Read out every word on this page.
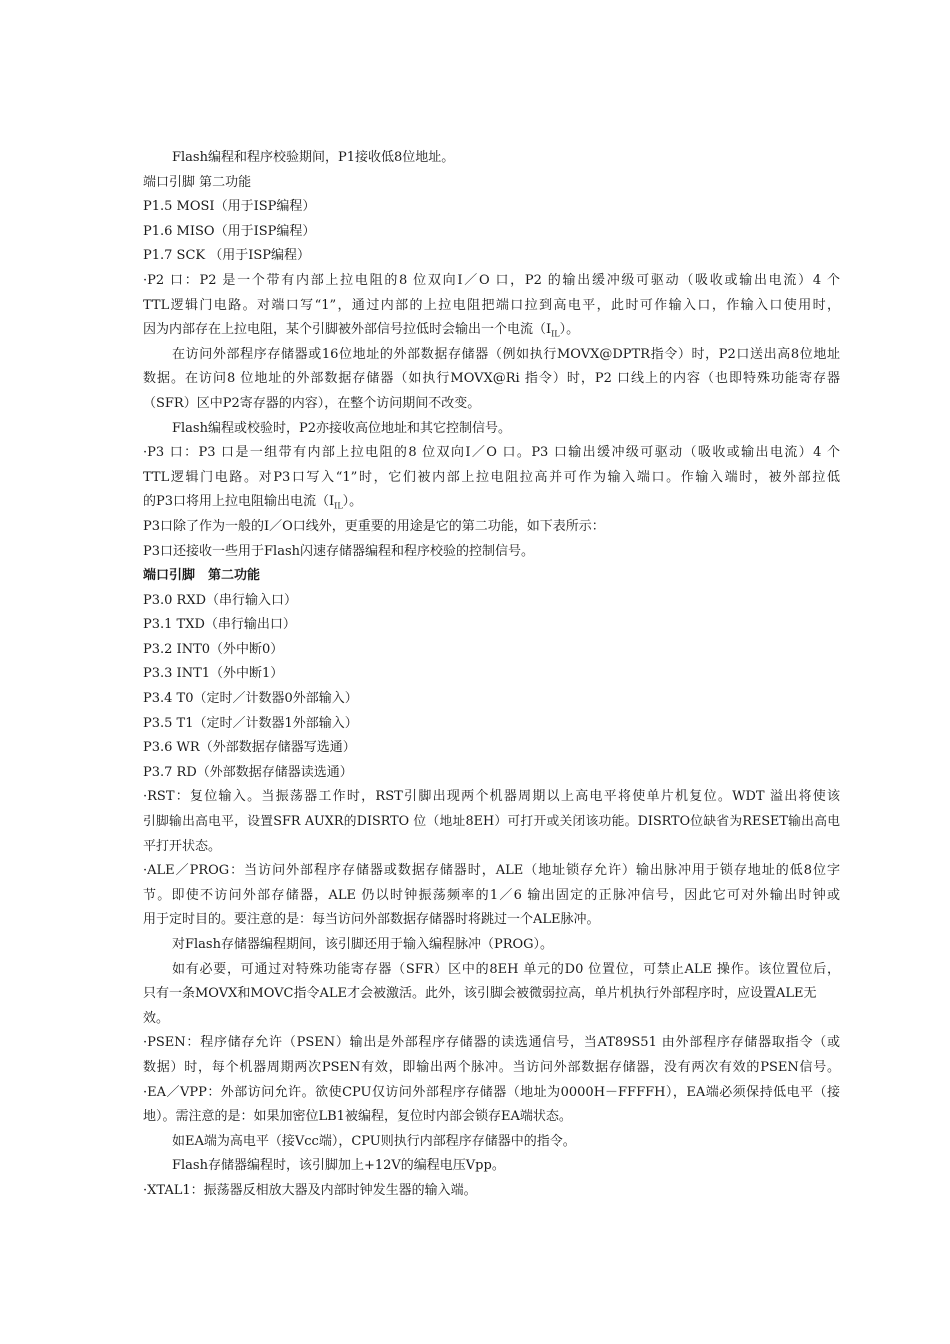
Flash编程和程序校验期间，P1接收低8位地址。
端口引脚 第二功能
P1.5 MOSI（用于ISP编程）
P1.6 MISO（用于ISP编程）
P1.7 SCK （用于ISP编程）
·P2 口：P2 是一个带有内部上拉电阻的8 位双向I／O 口，P2 的输出缓冲级可驱动（吸收或输出电流）4 个
TTL逻辑门电路。对端口写“1”，通过内部的上拉电阻把端口拉到高电平，此时可作输入口，作输入口使用时，
因为内部存在上拉电阻，某个引脚被外部信号拉低时会输出一个电流$(I_{IL})$。
在访问外部程序存储器或16位地址的外部数据存储器（例如执行MOVX@DPTR指令）时，P2口送出高8位地址
数据。在访问8 位地址的外部数据存储器（如执行MOVX@Ri 指令）时，P2 口线上的内容（也即特殊功能寄存器
（SFR）区中P2寄存器的内容），在整个访问期间不改变。
Flash编程或校验时，P2亦接收高位地址和其它控制信号。
·P3 口：P3 口是一组带有内部上拉电阻的8 位双向I／O 口。P3 口输出缓冲级可驱动（吸收或输出电流）4 个
TTL逻辑门电路。对P3口写入“1”时，它们被内部上拉电阻拉高并可作为输入端口。作输入端时，被外部拉低
的P3口将用上拉电阻输出电流$(I_{IL})$。
P3口除了作为一般的I／O口线外，更重要的用途是它的第二功能，如下表所示：
P3口还接收一些用于Flash闪速存储器编程和程序校验的控制信号。
端口引脚　第二功能
P3.0 RXD（串行输入口）
P3.1 TXD（串行输出口）
P3.2 INT0（外中断0）
P3.3 INT1（外中断1）
P3.4 T0（定时／计数器0外部输入）
P3.5 T1（定时／计数器1外部输入）
P3.6 WR（外部数据存储器写选通）
P3.7 RD（外部数据存储器读选通）
·RST：复位输入。当振荡器工作时，RST引脚出现两个机器周期以上高电平将使单片机复位。WDT 溢出将使该
引脚输出高电平，设置SFR AUXR的DISRTO 位（地址8EH）可打开或关闭该功能。DISRTO位缺省为RESET输出高电
平打开状态。
·ALE／PROG：当访问外部程序存储器或数据存储器时，ALE（地址锁存允许）输出脉冲用于锁存地址的低8位字
节。即使不访问外部存储器，ALE 仍以时钟振荡频率的1／6 输出固定的正脉冲信号，因此它可对外输出时钟或
用于定时目的。要注意的是：每当访问外部数据存储器时将跳过一个ALE脉冲。
对Flash存储器编程期间，该引脚还用于输入编程脉冲（PROG）。
如有必要，可通过对特殊功能寄存器（SFR）区中的8EH 单元的D0 位置位，可禁止ALE 操作。该位置位后，
只有一条MOVX和MOVC指令ALE才会被激活。此外，该引脚会被微弱拉高，单片机执行外部程序时，应设置ALE无
效。
·PSEN：程序储存允许（PSEN）输出是外部程序存储器的读选通信号，当AT89S51 由外部程序存储器取指令（或
数据）时，每个机器周期两次PSEN有效，即输出两个脉冲。当访问外部数据存储器，没有两次有效的PSEN信号。
·EA／VPP：外部访问允许。欲使CPU仅访问外部程序存储器（地址为0000H－FFFFH），EA端必须保持低电平（接
地）。需注意的是：如果加密位LB1被编程，复位时内部会锁存EA端状态。
如EA端为高电平（接Vcc端），CPU则执行内部程序存储器中的指令。
Flash存储器编程时，该引脚加上+12V的编程电压Vpp。
·XTAL1：振荡器反相放大器及内部时钟发生器的输入端。
